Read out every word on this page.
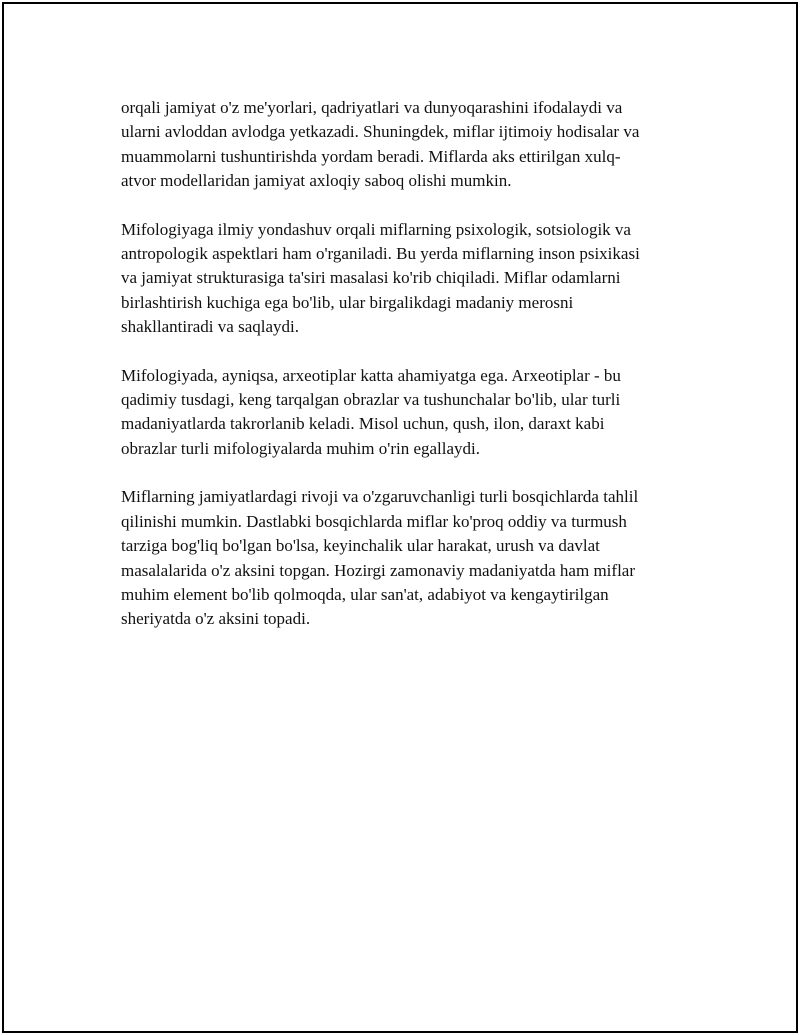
orqali jamiyat o'z me'yorlari, qadriyatlari va dunyoqarashini ifodalaydi va
ularni avloddan avlodga yetkazadi. Shuningdek, miflar ijtimoiy hodisalar va
muammolarni tushuntirishda yordam beradi. Miflarda aks ettirilgan xulq-
atvor modellaridan jamiyat axloqiy saboq olishi mumkin.

Mifologiyaga ilmiy yondashuv orqali miflarning psixologik, sotsiologik va
antropologik aspektlari ham o'rganiladi. Bu yerda miflarning inson psixikasi
va jamiyat strukturasiga ta'siri masalasi ko'rib chiqiladi. Miflar odamlarni
birlashtirish kuchiga ega bo'lib, ular birgalikdagi madaniy merosni
shakllantiradi va saqlaydi.

Mifologiyada, ayniqsa, arxeotiplar katta ahamiyatga ega. Arxeotiplar - bu
qadimiy tusdagi, keng tarqalgan obrazlar va tushunchalar bo'lib, ular turli
madaniyatlarda takrorlanib keladi. Misol uchun, qush, ilon, daraxt kabi
obrazlar turli mifologiyalarda muhim o'rin egallaydi.

Miflarning jamiyatlardagi rivoji va o'zgaruvchanligi turli bosqichlarda tahlil
qilinishi mumkin. Dastlabki bosqichlarda miflar ko'proq oddiy va turmush
tarziga bog'liq bo'lgan bo'lsa, keyinchalik ular harakat, urush va davlat
masalalarida o'z aksini topgan. Hozirgi zamonaviy madaniyatda ham miflar
muhim element bo'lib qolmoqda, ular san'at, adabiyot va kengaytirilgan
sheriyatda o'z aksini topadi.
